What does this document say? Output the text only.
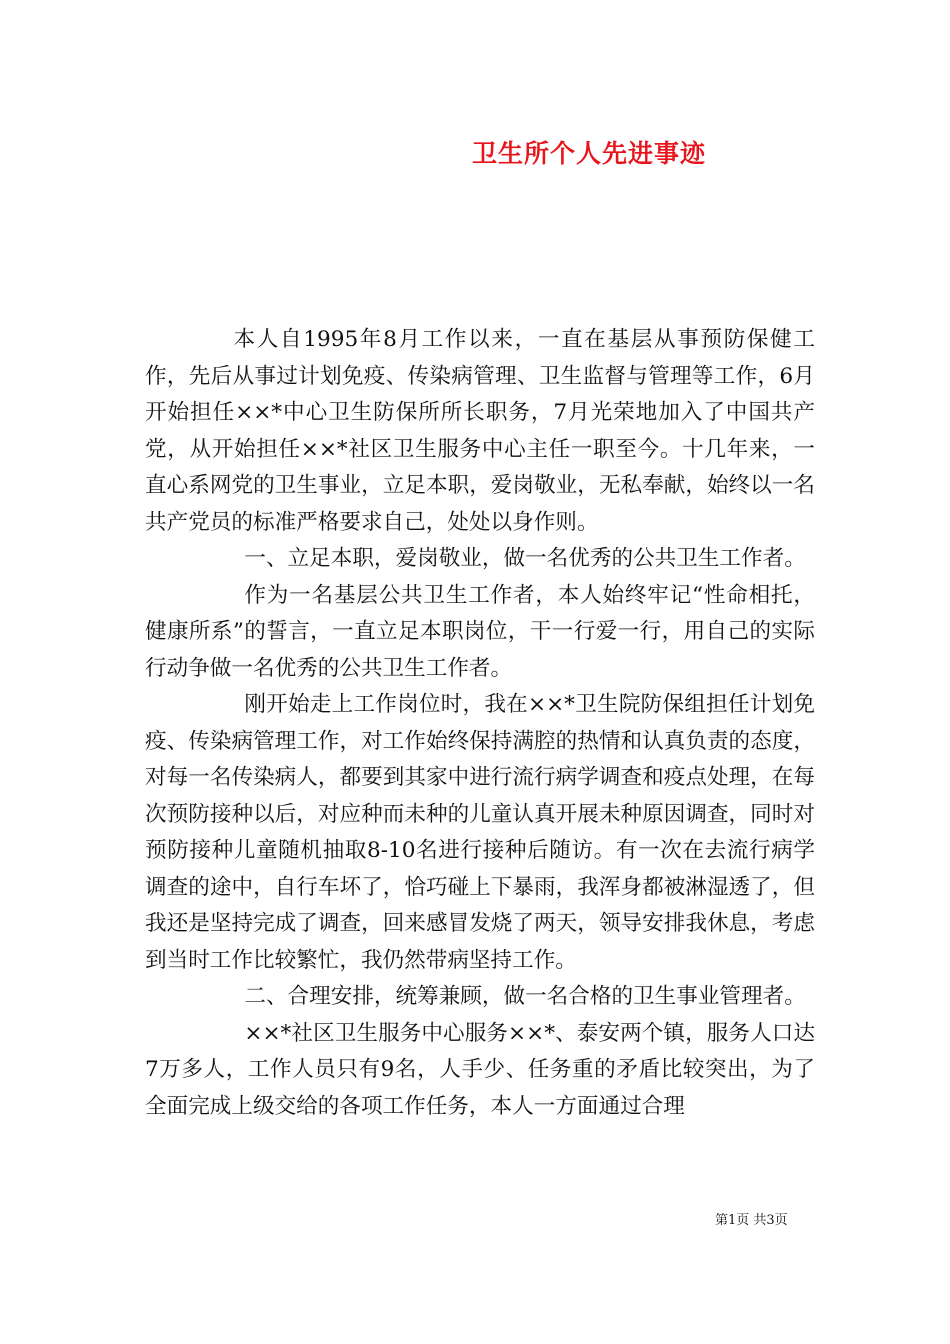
卫生所个人先进事迹

本人自1995年8月工作以来，一直在基层从事预防保健工作，先后从事过计划免疫、传染病管理、卫生监督与管理等工作，6月开始担任××*中心卫生防保所所长职务，7月光荣地加入了中国共产党，从开始担任××*社区卫生服务中心主任一职至今。十几年来，一直心系网党的卫生事业，立足本职，爱岗敬业，无私奉献，始终以一名共产党员的标准严格要求自己，处处以身作则。

一、立足本职，爱岗敬业，做一名优秀的公共卫生工作者。

作为一名基层公共卫生工作者，本人始终牢记“性命相托，健康所系”的誓言，一直立足本职岗位，干一行爱一行，用自己的实际行动争做一名优秀的公共卫生工作者。

刚开始走上工作岗位时，我在××*卫生院防保组担任计划免疫、传染病管理工作，对工作始终保持满腔的热情和认真负责的态度，对每一名传染病人，都要到其家中进行流行病学调查和疫点处理，在每次预防接种以后，对应种而未种的儿童认真开展未种原因调查，同时对预防接种儿童随机抽取8-10名进行接种后随访。有一次在去流行病学调查的途中，自行车坏了，恰巧碰上下暴雨，我浑身都被淋湿透了，但我还是坚持完成了调查，回来感冒发烧了两天，领导安排我休息，考虑到当时工作比较繁忙，我仍然带病坚持工作。

二、合理安排，统筹兼顾，做一名合格的卫生事业管理者。

××*社区卫生服务中心服务××*、泰安两个镇，服务人口达7万多人，工作人员只有9名，人手少、任务重的矛盾比较突出，为了全面完成上级交给的各项工作任务，本人一方面通过合理

第1页 共3页
